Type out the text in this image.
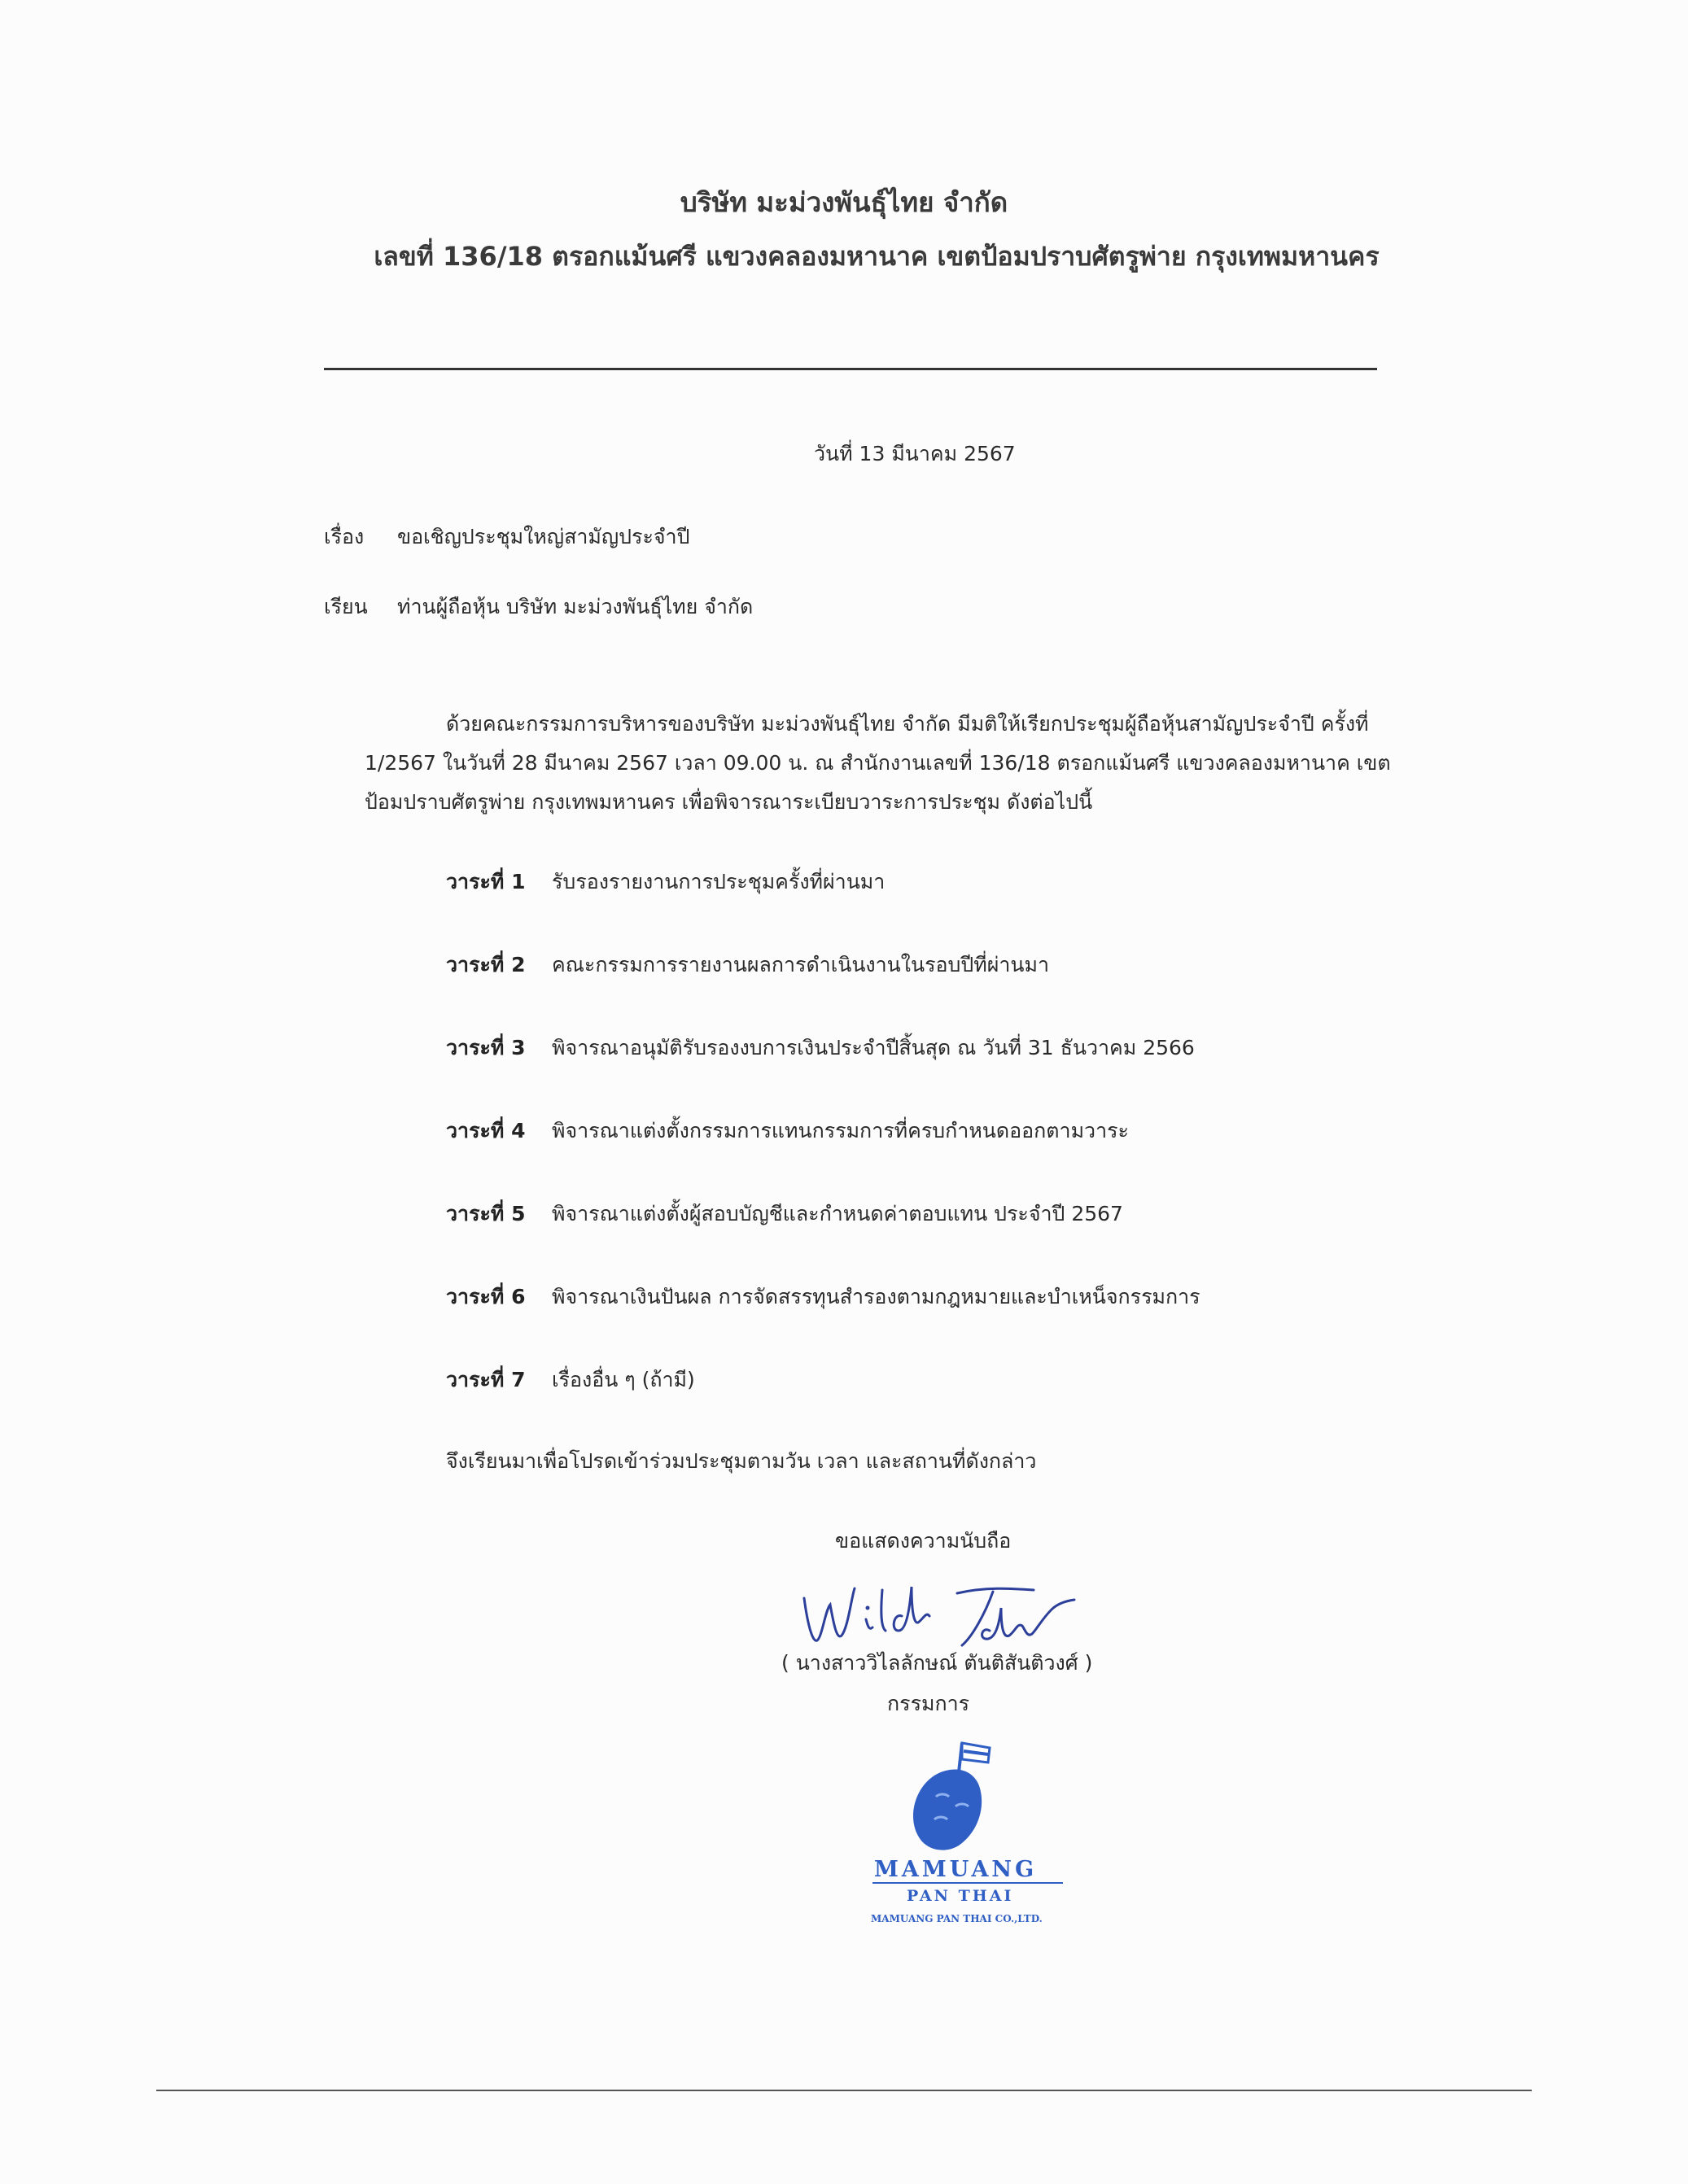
บริษัท มะม่วงพันธุ์ไทย จำกัด
เลขที่ 136/18 ตรอกแม้นศรี แขวงคลองมหานาค เขตป้อมปราบศัตรูพ่าย กรุงเทพมหานคร
วันที่ 13 มีนาคม 2567
เรื่อง ขอเชิญประชุมใหญ่สามัญประจำปี
เรียน ท่านผู้ถือหุ้น บริษัท มะม่วงพันธุ์ไทย จำกัด

ด้วยคณะกรรมการบริหารของบริษัท มะม่วงพันธุ์ไทย จำกัด มีมติให้เรียกประชุมผู้ถือหุ้นสามัญประจำปี ครั้งที่ 1/2567 ในวันที่ 28 มีนาคม 2567 เวลา 09.00 น. ณ สำนักงานเลขที่ 136/18 ตรอกแม้นศรี แขวงคลองมหานาค เขตป้อมปราบศัตรูพ่าย กรุงเทพมหานคร เพื่อพิจารณาระเบียบวาระการประชุม ดังต่อไปนี้

วาระที่ 1 รับรองรายงานการประชุมครั้งที่ผ่านมา
วาระที่ 2 คณะกรรมการรายงานผลการดำเนินงานในรอบปีที่ผ่านมา
วาระที่ 3 พิจารณาอนุมัติรับรองงบการเงินประจำปีสิ้นสุด ณ วันที่ 31 ธันวาคม 2566
วาระที่ 4 พิจารณาแต่งตั้งกรรมการแทนกรรมการที่ครบกำหนดออกตามวาระ
วาระที่ 5 พิจารณาแต่งตั้งผู้สอบบัญชีและกำหนดค่าตอบแทน ประจำปี 2567
วาระที่ 6 พิจารณาเงินปันผล การจัดสรรทุนสำรองตามกฎหมายและบำเหน็จกรรมการ
วาระที่ 7 เรื่องอื่น ๆ (ถ้ามี)
จึงเรียนมาเพื่อโปรดเข้าร่วมประชุมตามวัน เวลา และสถานที่ดังกล่าว
ขอแสดงความนับถือ
( นางสาววิไลลักษณ์ ตันติสันติวงศ์ )
กรรมการ
MAMUANG
PAN THAI
MAMUANG PAN THAI CO.,LTD.
